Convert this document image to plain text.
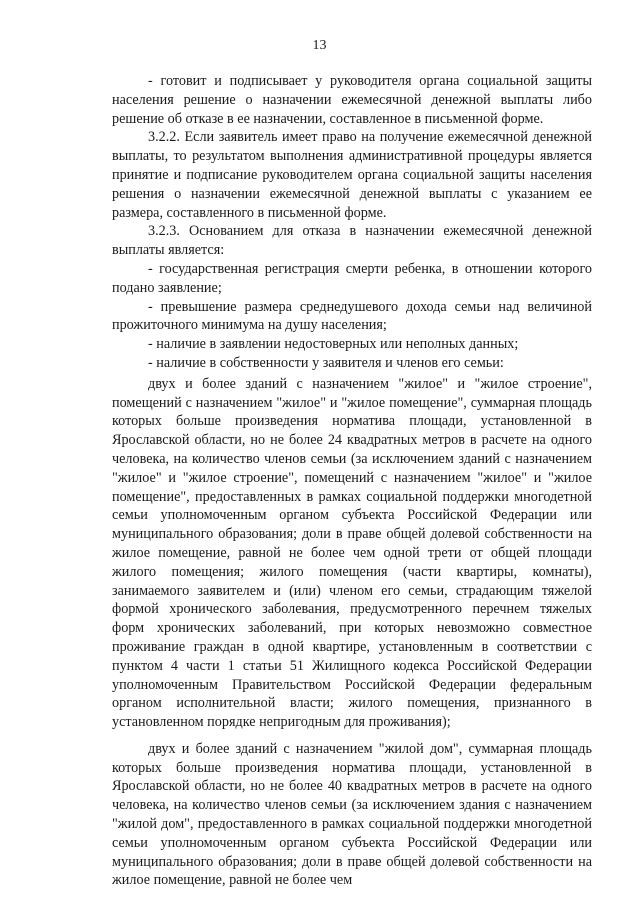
13

- готовит и подписывает у руководителя органа социальной защиты населения решение о назначении ежемесячной денежной выплаты либо решение об отказе в ее назначении, составленное в письменной форме.

3.2.2. Если заявитель имеет право на получение ежемесячной денежной выплаты, то результатом выполнения административной процедуры является принятие и подписание руководителем органа социальной защиты населения решения о назначении ежемесячной денежной выплаты с указанием ее размера, составленного в письменной форме.

3.2.3. Основанием для отказа в назначении ежемесячной денежной выплаты является:

- государственная регистрация смерти ребенка, в отношении которого подано заявление;

- превышение размера среднедушевого дохода семьи над величиной прожиточного минимума на душу населения;

- наличие в заявлении недостоверных или неполных данных;

- наличие в собственности у заявителя и членов его семьи:

двух и более зданий с назначением "жилое" и "жилое строение", помещений с назначением "жилое" и "жилое помещение", суммарная площадь которых больше произведения норматива площади, установленной в Ярославской области, но не более 24 квадратных метров в расчете на одного человека, на количество членов семьи (за исключением зданий с назначением "жилое" и "жилое строение", помещений с назначением "жилое" и "жилое помещение", предоставленных в рамках социальной поддержки многодетной семьи уполномоченным органом субъекта Российской Федерации или муниципального образования; доли в праве общей долевой собственности на жилое помещение, равной не более чем одной трети от общей площади жилого помещения; жилого помещения (части квартиры, комнаты), занимаемого заявителем и (или) членом его семьи, страдающим тяжелой формой хронического заболевания, предусмотренного перечнем тяжелых форм хронических заболеваний, при которых невозможно совместное проживание граждан в одной квартире, установленным в соответствии с пунктом 4 части 1 статьи 51 Жилищного кодекса Российской Федерации уполномоченным Правительством Российской Федерации федеральным органом исполнительной власти; жилого помещения, признанного в установленном порядке непригодным для проживания);

двух и более зданий с назначением "жилой дом", суммарная площадь которых больше произведения норматива площади, установленной в Ярославской области, но не более 40 квадратных метров в расчете на одного человека, на количество членов семьи (за исключением здания с назначением "жилой дом", предоставленного в рамках социальной поддержки многодетной семьи уполномоченным органом субъекта Российской Федерации или муниципального образования; доли в праве общей долевой собственности на жилое помещение, равной не более чем
